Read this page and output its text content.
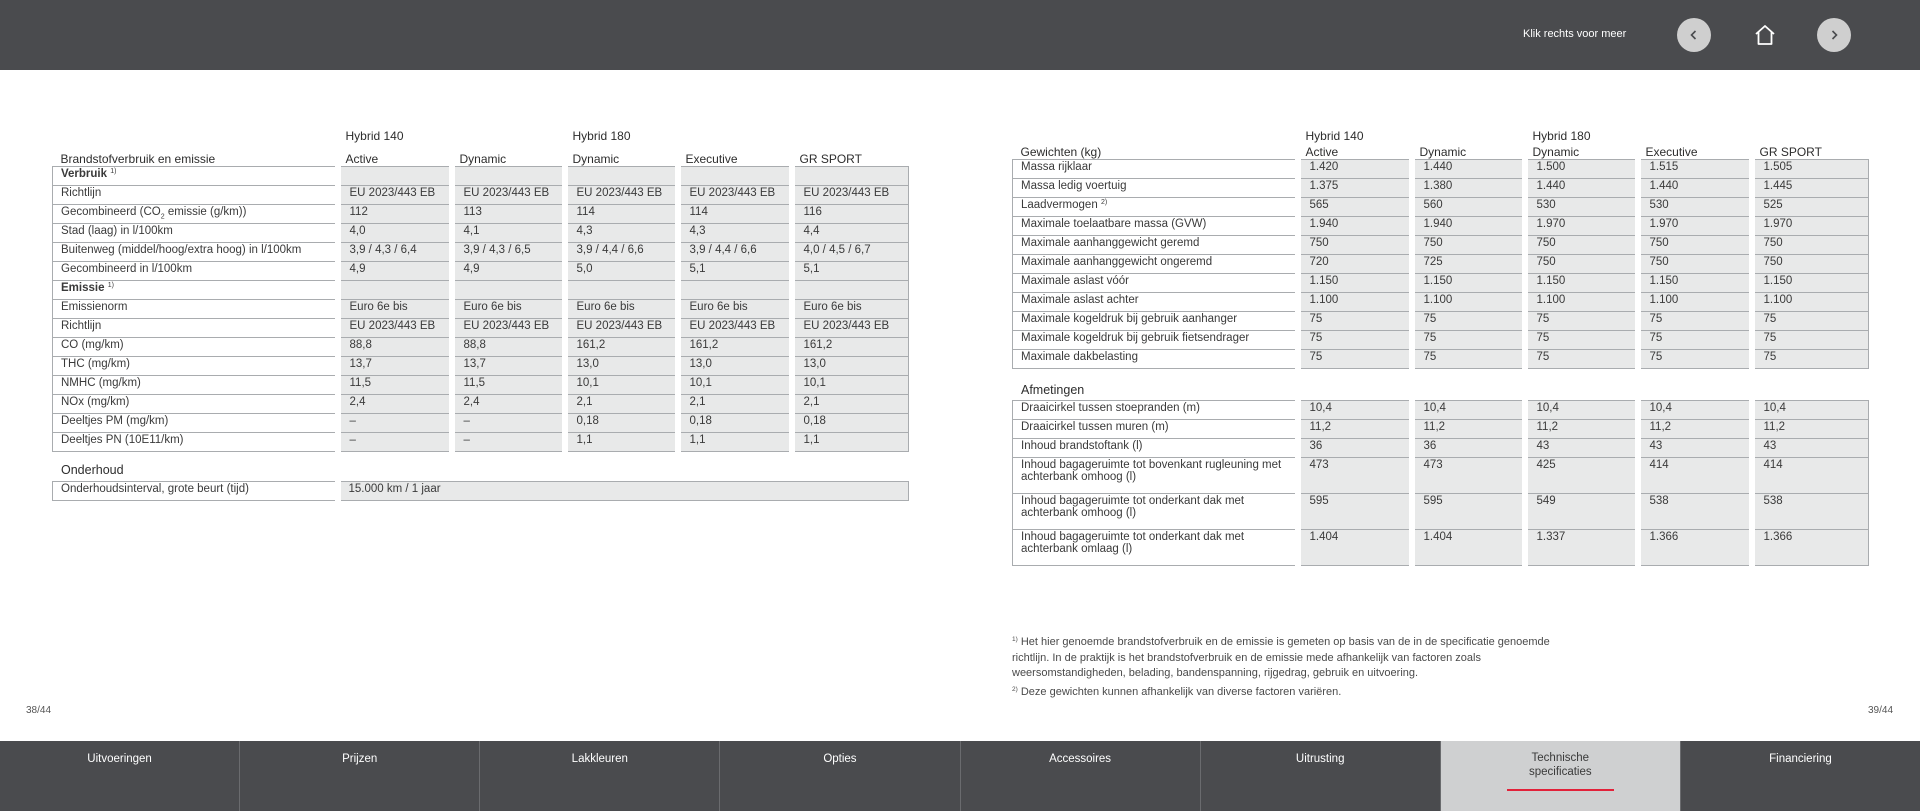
Klik rechts voor meer
	Hybrid 140		Hybrid 180		
Brandstofverbruik en emissie	Active	Dynamic	Dynamic	Executive	GR SPORT
Verbruik $^{1)}$					
Richtlijn	EU 2023/443 EB	EU 2023/443 EB	EU 2023/443 EB	EU 2023/443 EB	EU 2023/443 EB
Gecombineerd ($CO_2$ emissie (g/km))	112	113	114	114	116
Stad (laag) in l/100km	4,0	4,1	4,3	4,3	4,4
Buitenweg (middel/hoog/extra hoog) in l/100km	3,9 / 4,3 / 6,4	3,9 / 4,3 / 6,5	3,9 / 4,4 / 6,6	3,9 / 4,4 / 6,6	4,0 / 4,5 / 6,7
Gecombineerd in l/100km	4,9	4,9	5,0	5,1	5,1
Emissie $^{1)}$					
Emissienorm	Euro 6e bis	Euro 6e bis	Euro 6e bis	Euro 6e bis	Euro 6e bis
Richtlijn	EU 2023/443 EB	EU 2023/443 EB	EU 2023/443 EB	EU 2023/443 EB	EU 2023/443 EB
CO (mg/km)	88,8	88,8	161,2	161,2	161,2
THC (mg/km)	13,7	13,7	13,0	13,0	13,0
NMHC (mg/km)	11,5	11,5	10,1	10,1	10,1
NOx (mg/km)	2,4	2,4	2,1	2,1	2,1
Deeltjes PM (mg/km)	–	–	0,18	0,18	0,18
Deeltjes PN (10E11/km)	–	–	1,1	1,1	1,1
Onderhoud
Onderhoudsinterval, grote beurt (tijd)	15.000 km / 1 jaar
	Hybrid 140		Hybrid 180		
Gewichten (kg)	Active	Dynamic	Dynamic	Executive	GR SPORT
Massa rijklaar	1.420	1.440	1.500	1.515	1.505
Massa ledig voertuig	1.375	1.380	1.440	1.440	1.445
Laadvermogen $^{2)}$	565	560	530	530	525
Maximale toelaatbare massa (GVW)	1.940	1.940	1.970	1.970	1.970
Maximale aanhanggewicht geremd	750	750	750	750	750
Maximale aanhanggewicht ongeremd	720	725	750	750	750
Maximale aslast vóór	1.150	1.150	1.150	1.150	1.150
Maximale aslast achter	1.100	1.100	1.100	1.100	1.100
Maximale kogeldruk bij gebruik aanhanger	75	75	75	75	75
Maximale kogeldruk bij gebruik fietsendrager	75	75	75	75	75
Maximale dakbelasting	75	75	75	75	75
Afmetingen
Draaicirkel tussen stoepranden (m)	10,4	10,4	10,4	10,4	10,4
Draaicirkel tussen muren (m)	11,2	11,2	11,2	11,2	11,2
Inhoud brandstoftank (l)	36	36	43	43	43
Inhoud bagageruimte tot bovenkant rugleuning met achterbank omhoog (l)	473	473	425	414	414
Inhoud bagageruimte tot onderkant dak met achterbank omhoog (l)	595	595	549	538	538
Inhoud bagageruimte tot onderkant dak met achterbank omlaag (l)	1.404	1.404	1.337	1.366	1.366
$^{1)}$ Het hier genoemde brandstofverbruik en de emissie is gemeten op basis van de in de specificatie genoemde richtlijn. In de praktijk is het brandstofverbruik en de emissie mede afhankelijk van factoren zoals weersomstandigheden, belading, bandenspanning, rijgedrag, gebruik en uitvoering.
$^{2)}$ Deze gewichten kunnen afhankelijk van diverse factoren variëren.
38/44	39/44
Uitvoeringen	Prijzen	Lakkleuren	Opties	Accessoires	Uitrusting	Technische specificaties
Financiering
